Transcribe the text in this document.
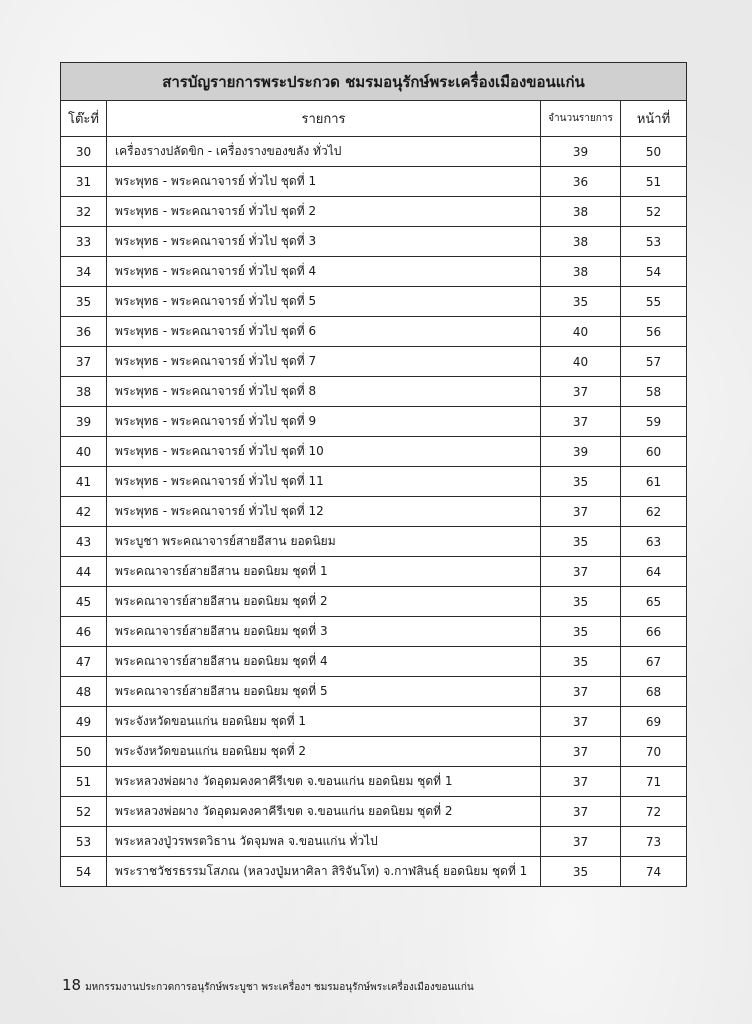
สารบัญรายการพระประกวด ชมรมอนุรักษ์พระเครื่องเมืองขอนแก่น			
โต๊ะที่	รายการ	จำนวนรายการ	หน้าที่
30	เครื่องรางปลัดขิก - เครื่องรางของขลัง ทั่วไป	39	50
31	พระพุทธ - พระคณาจารย์ ทั่วไป ชุดที่ 1	36	51
32	พระพุทธ - พระคณาจารย์ ทั่วไป ชุดที่ 2	38	52
33	พระพุทธ - พระคณาจารย์ ทั่วไป ชุดที่ 3	38	53
34	พระพุทธ - พระคณาจารย์ ทั่วไป ชุดที่ 4	38	54
35	พระพุทธ - พระคณาจารย์ ทั่วไป ชุดที่ 5	35	55
36	พระพุทธ - พระคณาจารย์ ทั่วไป ชุดที่ 6	40	56
37	พระพุทธ - พระคณาจารย์ ทั่วไป ชุดที่ 7	40	57
38	พระพุทธ - พระคณาจารย์ ทั่วไป ชุดที่ 8	37	58
39	พระพุทธ - พระคณาจารย์ ทั่วไป ชุดที่ 9	37	59
40	พระพุทธ - พระคณาจารย์ ทั่วไป ชุดที่ 10	39	60
41	พระพุทธ - พระคณาจารย์ ทั่วไป ชุดที่ 11	35	61
42	พระพุทธ - พระคณาจารย์ ทั่วไป ชุดที่ 12	37	62
43	พระบูชา พระคณาจารย์สายอีสาน ยอดนิยม	35	63
44	พระคณาจารย์สายอีสาน ยอดนิยม ชุดที่ 1	37	64
45	พระคณาจารย์สายอีสาน ยอดนิยม ชุดที่ 2	35	65
46	พระคณาจารย์สายอีสาน ยอดนิยม ชุดที่ 3	35	66
47	พระคณาจารย์สายอีสาน ยอดนิยม ชุดที่ 4	35	67
48	พระคณาจารย์สายอีสาน ยอดนิยม ชุดที่ 5	37	68
49	พระจังหวัดขอนแก่น ยอดนิยม ชุดที่ 1	37	69
50	พระจังหวัดขอนแก่น ยอดนิยม ชุดที่ 2	37	70
51	พระหลวงพ่อผาง วัดอุดมคงคาคีรีเขต จ.ขอนแก่น ยอดนิยม ชุดที่ 1	37	71
52	พระหลวงพ่อผาง วัดอุดมคงคาคีรีเขต จ.ขอนแก่น ยอดนิยม ชุดที่ 2	37	72
53	พระหลวงปู่วรพรตวิธาน วัดจุมพล จ.ขอนแก่น ทั่วไป	37	73
54	พระราชวัชรธรรมโสภณ (หลวงปู่มหาศิลา สิริจันโท) จ.กาฬสินธุ์ ยอดนิยม ชุดที่ 1	35	74
18 มหกรรมงานประกวดการอนุรักษ์พระบูชา พระเครื่องฯ ชมรมอนุรักษ์พระเครื่องเมืองขอนแก่น
